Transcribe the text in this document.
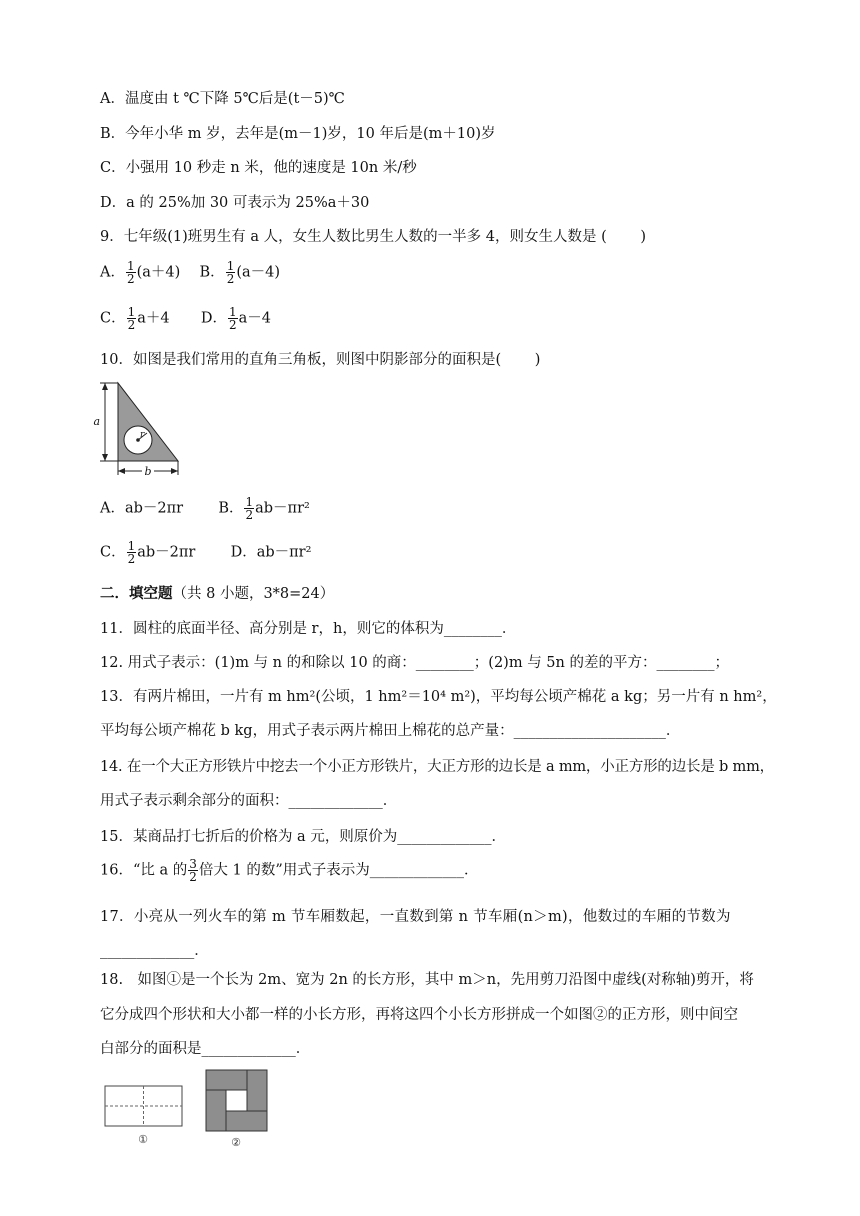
A．温度由 t ℃下降 5℃后是(t－5)℃
B．今年小华 m 岁，去年是(m－1)岁，10 年后是(m＋10)岁
C．小强用 10 秒走 n 米，他的速度是 10n 米/秒
D．a 的 25%加 30 可表示为 25%a＋30
9．七年级(1)班男生有 a 人，女生人数比男生人数的一半多 4，则女生人数是 (　　 )
A． $\frac{1}{2} (a+4)$ B． $\frac{1}{2} (a-4)$
C． $\frac{1}{2} a+4$ D． $\frac{1}{2} a-4$
10．如图是我们常用的直角三角板，则图中阴影部分的面积是(　　 )
a
r
b
A．ab－2πr B． $\frac{1}{2} ab-\pi r^2$
C． $\frac{1}{2} ab-2\pi r$ D．ab－πr²
二．填空题（共 8 小题，3*8=24）
11．圆柱的底面半径、高分别是 r，h，则它的体积为________．
12. 用式子表示：(1)m 与 n 的和除以 10 的商：________；(2)m 与 5n 的差的平方：________；
13．有两片棉田，一片有 m hm²(公顷，1 hm²＝10⁴ m²)，平均每公顷产棉花 a kg；另一片有 n hm²，
平均每公顷产棉花 b kg，用式子表示两片棉田上棉花的总产量：_____________________．
14. 在一个大正方形铁片中挖去一个小正方形铁片，大正方形的边长是 a mm，小正方形的边长是 b mm，
用式子表示剩余部分的面积：_____________．
15．某商品打七折后的价格为 a 元，则原价为_____________．
16．“比 a 的 $\frac{3}{2}$ 倍大 1 的数”用式子表示为_____________．
17．小亮从一列火车的第 m 节车厢数起，一直数到第 n 节车厢(n＞m)，他数过的车厢的节数为
_____________．
18.　如图①是一个长为 2m、宽为 2n 的长方形，其中 m＞n，先用剪刀沿图中虚线(对称轴)剪开，将
它分成四个形状和大小都一样的小长方形，再将这四个小长方形拼成一个如图②的正方形，则中间空
白部分的面积是_____________．
①	②
